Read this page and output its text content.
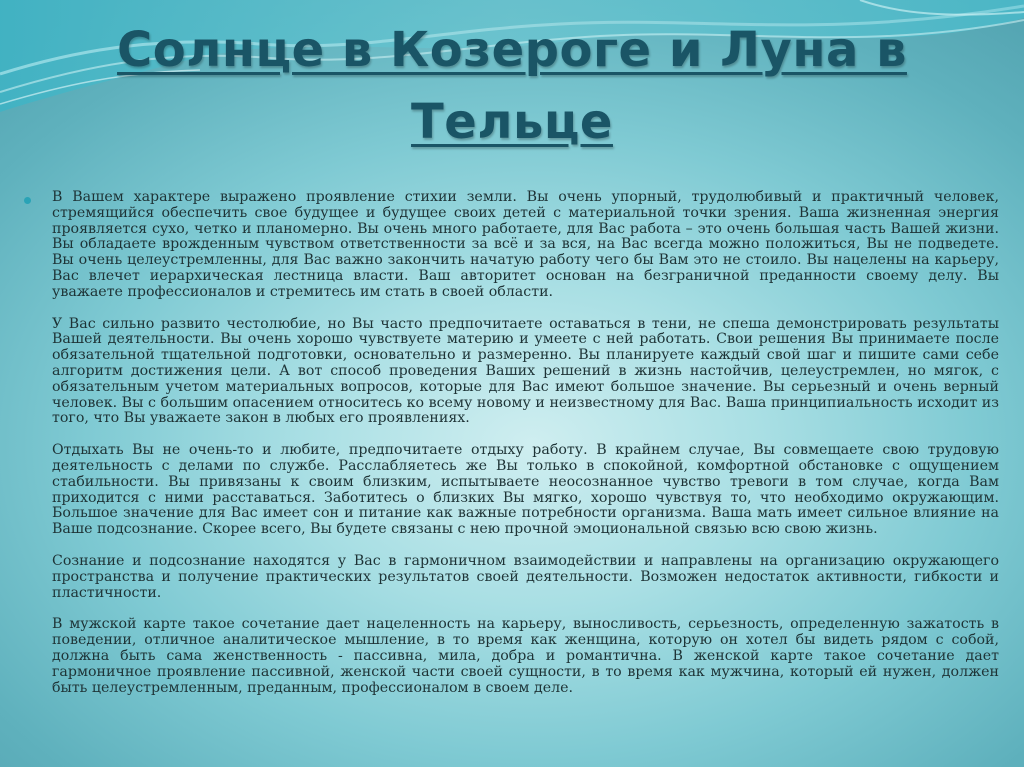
Солнце в Козероге и Луна в Тельце

В Вашем характере выражено проявление стихии земли. Вы очень упорный, трудолюбивый и практичный человек, стремящийся обеспечить свое будущее и будущее своих детей с материальной точки зрения. Ваша жизненная энергия проявляется сухо, четко и планомерно. Вы очень много работаете, для Вас работа – это очень большая часть Вашей жизни. Вы обладаете врожденным чувством ответственности за всё и за вся, на Вас всегда можно положиться, Вы не подведете. Вы очень целеустремленны, для Вас важно закончить начатую работу чего бы Вам это не стоило. Вы нацелены на карьеру, Вас влечет иерархическая лестница власти. Ваш авторитет основан на безграничной преданности своему делу. Вы уважаете профессионалов и стремитесь им стать в своей области.

У Вас сильно развито честолюбие, но Вы часто предпочитаете оставаться в тени, не спеша демонстрировать результаты Вашей деятельности. Вы очень хорошо чувствуете материю и умеете с ней работать. Свои решения Вы принимаете после обязательной тщательной подготовки, основательно и размеренно. Вы планируете каждый свой шаг и пишите сами себе алгоритм достижения цели. А вот способ проведения Ваших решений в жизнь настойчив, целеустремлен, но мягок, с обязательным учетом материальных вопросов, которые для Вас имеют большое значение. Вы серьезный и очень верный человек. Вы с большим опасением относитесь ко всему новому и неизвестному для Вас. Ваша принципиальность исходит из того, что Вы уважаете закон в любых его проявлениях.

Отдыхать Вы не очень-то и любите, предпочитаете отдыху работу. В крайнем случае, Вы совмещаете свою трудовую деятельность с делами по службе. Расслабляетесь же Вы только в спокойной, комфортной обстановке с ощущением стабильности. Вы привязаны к своим близким, испытываете неосознанное чувство тревоги в том случае, когда Вам приходится с ними расставаться. Заботитесь о близких Вы мягко, хорошо чувствуя то, что необходимо окружающим. Большое значение для Вас имеет сон и питание как важные потребности организма. Ваша мать имеет сильное влияние на Ваше подсознание. Скорее всего, Вы будете связаны с нею прочной эмоциональной связью всю свою жизнь.

Сознание и подсознание находятся у Вас в гармоничном взаимодействии и направлены на организацию окружающего пространства и получение практических результатов своей деятельности. Возможен недостаток активности, гибкости и пластичности.

В мужской карте такое сочетание дает нацеленность на карьеру, выносливость, серьезность, определенную зажатость в поведении, отличное аналитическое мышление, в то время как женщина, которую он хотел бы видеть рядом с собой, должна быть сама женственность - пассивна, мила, добра и романтична. В женской карте такое сочетание дает гармоничное проявление пассивной, женской части своей сущности, в то время как мужчина, который ей нужен, должен быть целеустремленным, преданным, профессионалом в своем деле.
